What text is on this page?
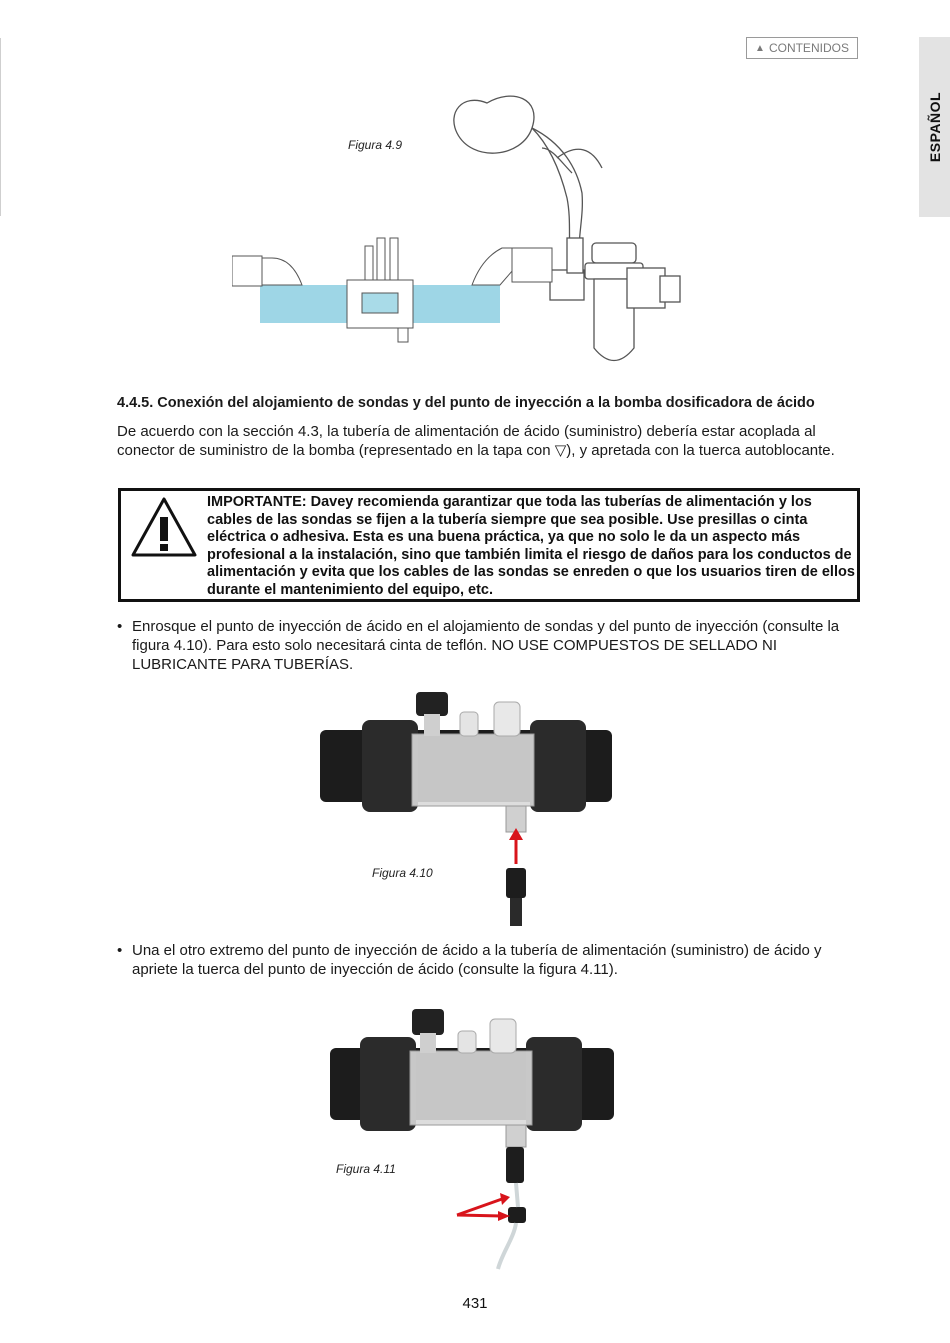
▲ CONTENIDOS
ESPAÑOL
Figura 4.9
4.4.5. Conexión del alojamiento de sondas y del punto de inyección a la bomba dosificadora de ácido

De acuerdo con la sección 4.3, la tubería de alimentación de ácido (suministro) debería estar acoplada al conector de suministro de la bomba (representado en la tapa con ▽), y apretada con la tuerca autoblocante.

IMPORTANTE: Davey recomienda garantizar que toda las tuberías de alimentación y los cables de las sondas se fijen a la tubería siempre que sea posible. Use presillas o cinta eléctrica o adhesiva. Esta es una buena práctica, ya que no solo le da un aspecto más profesional a la instalación, sino que también limita el riesgo de daños para los conductos de alimentación y evita que los cables de las sondas se enreden o que los usuarios tiren de ellos durante el mantenimiento del equipo, etc.

• Enrosque el punto de inyección de ácido en el alojamiento de sondas y del punto de inyección (consulte la figura 4.10). Para esto solo necesitará cinta de teflón. NO USE COMPUESTOS DE SELLADO NI LUBRICANTE PARA TUBERÍAS.

Figura 4.10

• Una el otro extremo del punto de inyección de ácido a la tubería de alimentación (suministro) de ácido y apriete la tuerca del punto de inyección de ácido (consulte la figura 4.11).

Figura 4.11
431
